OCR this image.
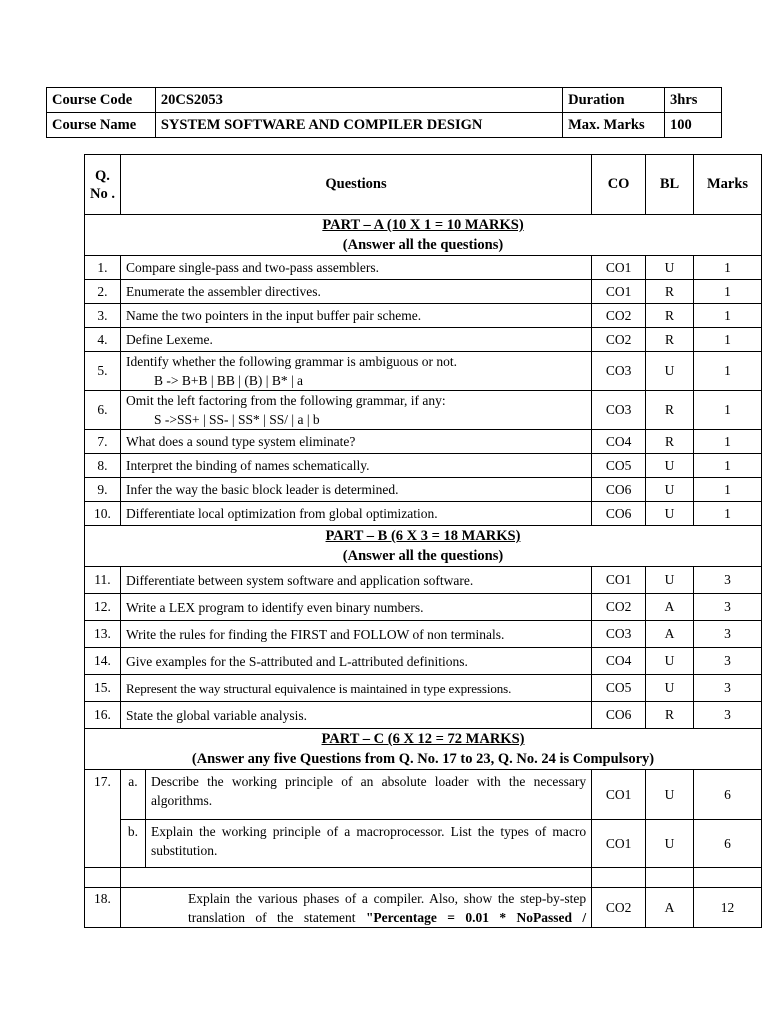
Course Code	20CS2053	Duration	3hrs
Course Name	SYSTEM SOFTWARE AND COMPILER DESIGN	Max. Marks	100
Q. No .	Questions		CO	BL	Marks
PART – A (10 X 1 = 10 MARKS)
(Answer all the questions)					
1.	Compare single-pass and two-pass assemblers.		CO1	U	1
2.	Enumerate the assembler directives.		CO1	R	1
3.	Name the two pointers in the input buffer pair scheme.		CO2	R	1
4.	Define Lexeme.		CO2	R	1
5.	Identify whether the following grammar is ambiguous or not.
B -> B+B | BB | (B) | B* | a		CO3	U	1
6.	Omit the left factoring from the following grammar, if any:
S ->SS+ | SS- | SS* | SS/ | a | b		CO3	R	1
7.	What does a sound type system eliminate?		CO4	R	1
8.	Interpret the binding of names schematically.		CO5	U	1
9.	Infer the way the basic block leader is determined.		CO6	U	1
10.	Differentiate local optimization from global optimization.		CO6	U	1
PART – B (6 X 3 = 18 MARKS)
(Answer all the questions)					
11.	Differentiate between system software and application software.		CO1	U	3
12.	Write a LEX program to identify even binary numbers.		CO2	A	3
13.	Write the rules for finding the FIRST and FOLLOW of non terminals.		CO3	A	3
14.	Give examples for the S-attributed and L-attributed definitions.		CO4	U	3
15.	Represent the way structural equivalence is maintained in type expressions.		CO5	U	3
16.	State the global variable analysis.		CO6	R	3
PART – C (6 X 12 = 72 MARKS)
(Answer any five Questions from Q. No. 17 to 23, Q. No. 24 is Compulsory)					
17.	a.	Describe the working principle of an absolute loader with the necessary algorithms.	CO1	U	6
	b.	Explain the working principle of a macroprocessor. List the types of macro substitution.	CO1	U	6

18.	Explain the various phases of a compiler. Also, show the step-by-step translation of the statement "Percentage = 0.01 * NoPassed /		CO2	A	12
